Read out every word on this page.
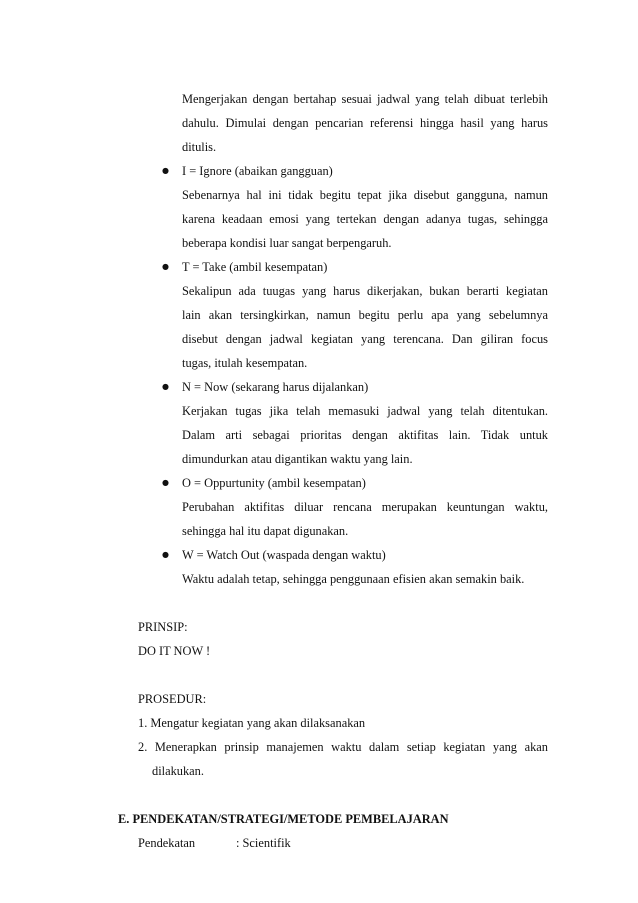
Mengerjakan dengan bertahap sesuai jadwal yang telah dibuat terlebih
dahulu. Dimulai dengan pencarian referensi hingga hasil yang harus
ditulis.
● I = Ignore (abaikan gangguan)
Sebenarnya hal ini tidak begitu tepat jika disebut gangguna, namun
karena keadaan emosi yang tertekan dengan adanya tugas, sehingga
beberapa kondisi luar sangat berpengaruh.
● T = Take (ambil kesempatan)
Sekalipun ada tuugas yang harus dikerjakan, bukan berarti kegiatan
lain akan tersingkirkan, namun begitu perlu apa yang sebelumnya
disebut dengan jadwal kegiatan yang terencana. Dan giliran focus
tugas, itulah kesempatan.
● N = Now (sekarang harus dijalankan)
Kerjakan tugas jika telah memasuki jadwal yang telah ditentukan.
Dalam arti sebagai prioritas dengan aktifitas lain. Tidak untuk
dimundurkan atau digantikan waktu yang lain.
● O = Oppurtunity (ambil kesempatan)
Perubahan aktifitas diluar rencana merupakan keuntungan waktu,
sehingga hal itu dapat digunakan.
● W = Watch Out (waspada dengan waktu)
Waktu adalah tetap, sehingga penggunaan efisien akan semakin baik.
PRINSIP:
DO IT NOW !
PROSEDUR:
1. Mengatur kegiatan yang akan dilaksanakan
2. Menerapkan prinsip manajemen waktu dalam setiap kegiatan yang akan
dilakukan.
E. PENDEKATAN/STRATEGI/METODE PEMBELAJARAN
Pendekatan	: Scientifik
